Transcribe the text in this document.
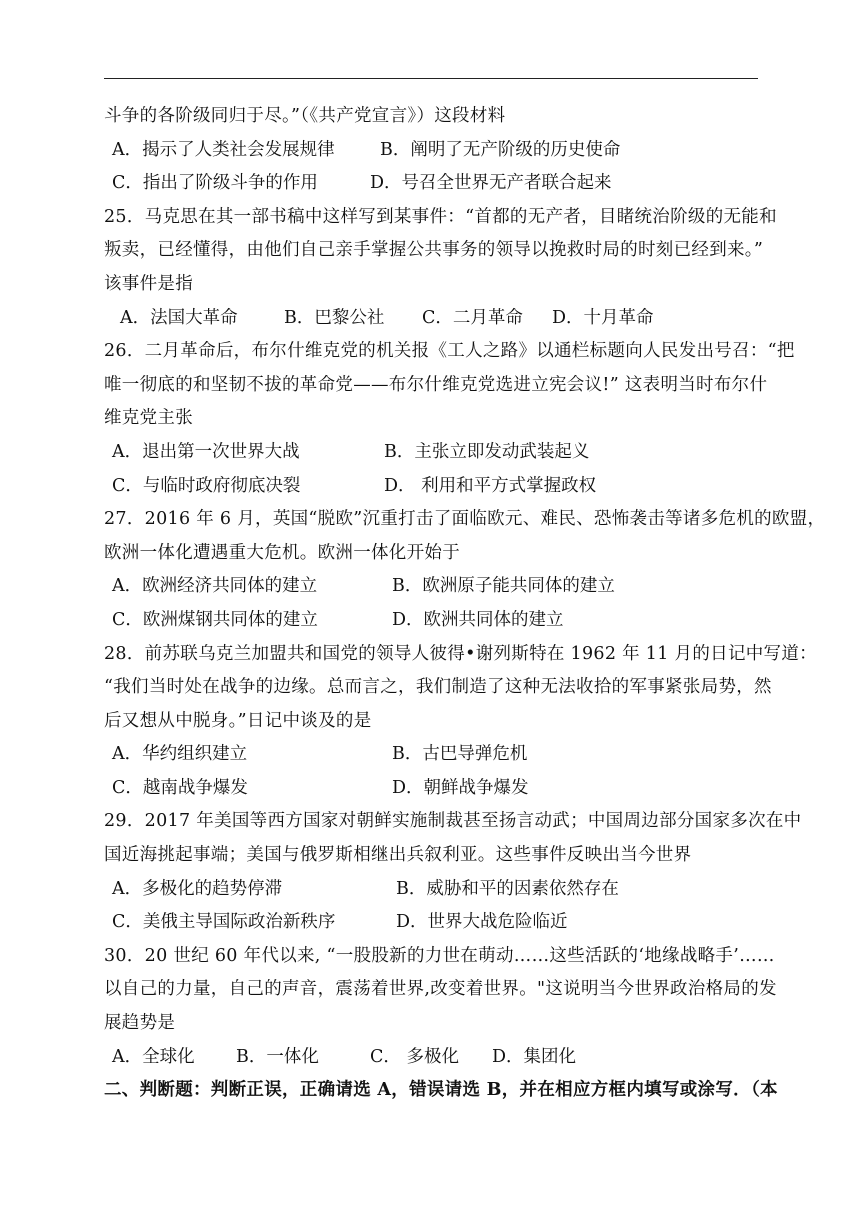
斗争的各阶级同归于尽。”（《共产党宣言》）这段材料
A．揭示了人类社会发展规律	B．阐明了无产阶级的历史使命
C．指出了阶级斗争的作用	D．号召全世界无产者联合起来
25．马克思在其一部书稿中这样写到某事件：“首都的无产者，目睹统治阶级的无能和
叛卖，已经懂得，由他们自己亲手掌握公共事务的领导以挽救时局的时刻已经到来。”
该事件是指
A．法国大革命	B．巴黎公社 C．二月革命 D．十月革命
26．二月革命后，布尔什维克党的机关报《工人之路》以通栏标题向人民发出号召：“把
唯一彻底的和坚韧不拔的革命党——布尔什维克党选进立宪会议!” 这表明当时布尔什
维克党主张
A．退出第一次世界大战	B．主张立即发动武装起义
C．与临时政府彻底决裂	D． 利用和平方式掌握政权
27．2016 年 6 月，英国“脱欧”沉重打击了面临欧元、难民、恐怖袭击等诸多危机的欧盟，
欧洲一体化遭遇重大危机。欧洲一体化开始于
A．欧洲经济共同体的建立	B．欧洲原子能共同体的建立
C．欧洲煤钢共同体的建立	D．欧洲共同体的建立
28．前苏联乌克兰加盟共和国党的领导人彼得•谢列斯特在 1962 年 11 月的日记中写道：
“我们当时处在战争的边缘。总而言之，我们制造了这种无法收拾的军事紧张局势，然
后又想从中脱身。”日记中谈及的是
A．华约组织建立	B．古巴导弹危机
C．越南战争爆发	D．朝鲜战争爆发
29．2017 年美国等西方国家对朝鲜实施制裁甚至扬言动武；中国周边部分国家多次在中
国近海挑起事端；美国与俄罗斯相继出兵叙利亚。这些事件反映出当今世界
A．多极化的趋势停滞	B．威胁和平的因素依然存在
C．美俄主导国际政治新秩序	D．世界大战危险临近
30．20 世纪 60 年代以来, “一股股新的力世在萌动……这些活跃的‘地缘战略手’……
以自己的力量，自己的声音，震荡着世界,改变着世界。"这说明当今世界政治格局的发
展趋势是
A．全球化 B．一体化	C． 多极化 D．集团化
二、判断题：判断正误，正确请选 A，错误请选 B，并在相应方框内填写或涂写．（本
